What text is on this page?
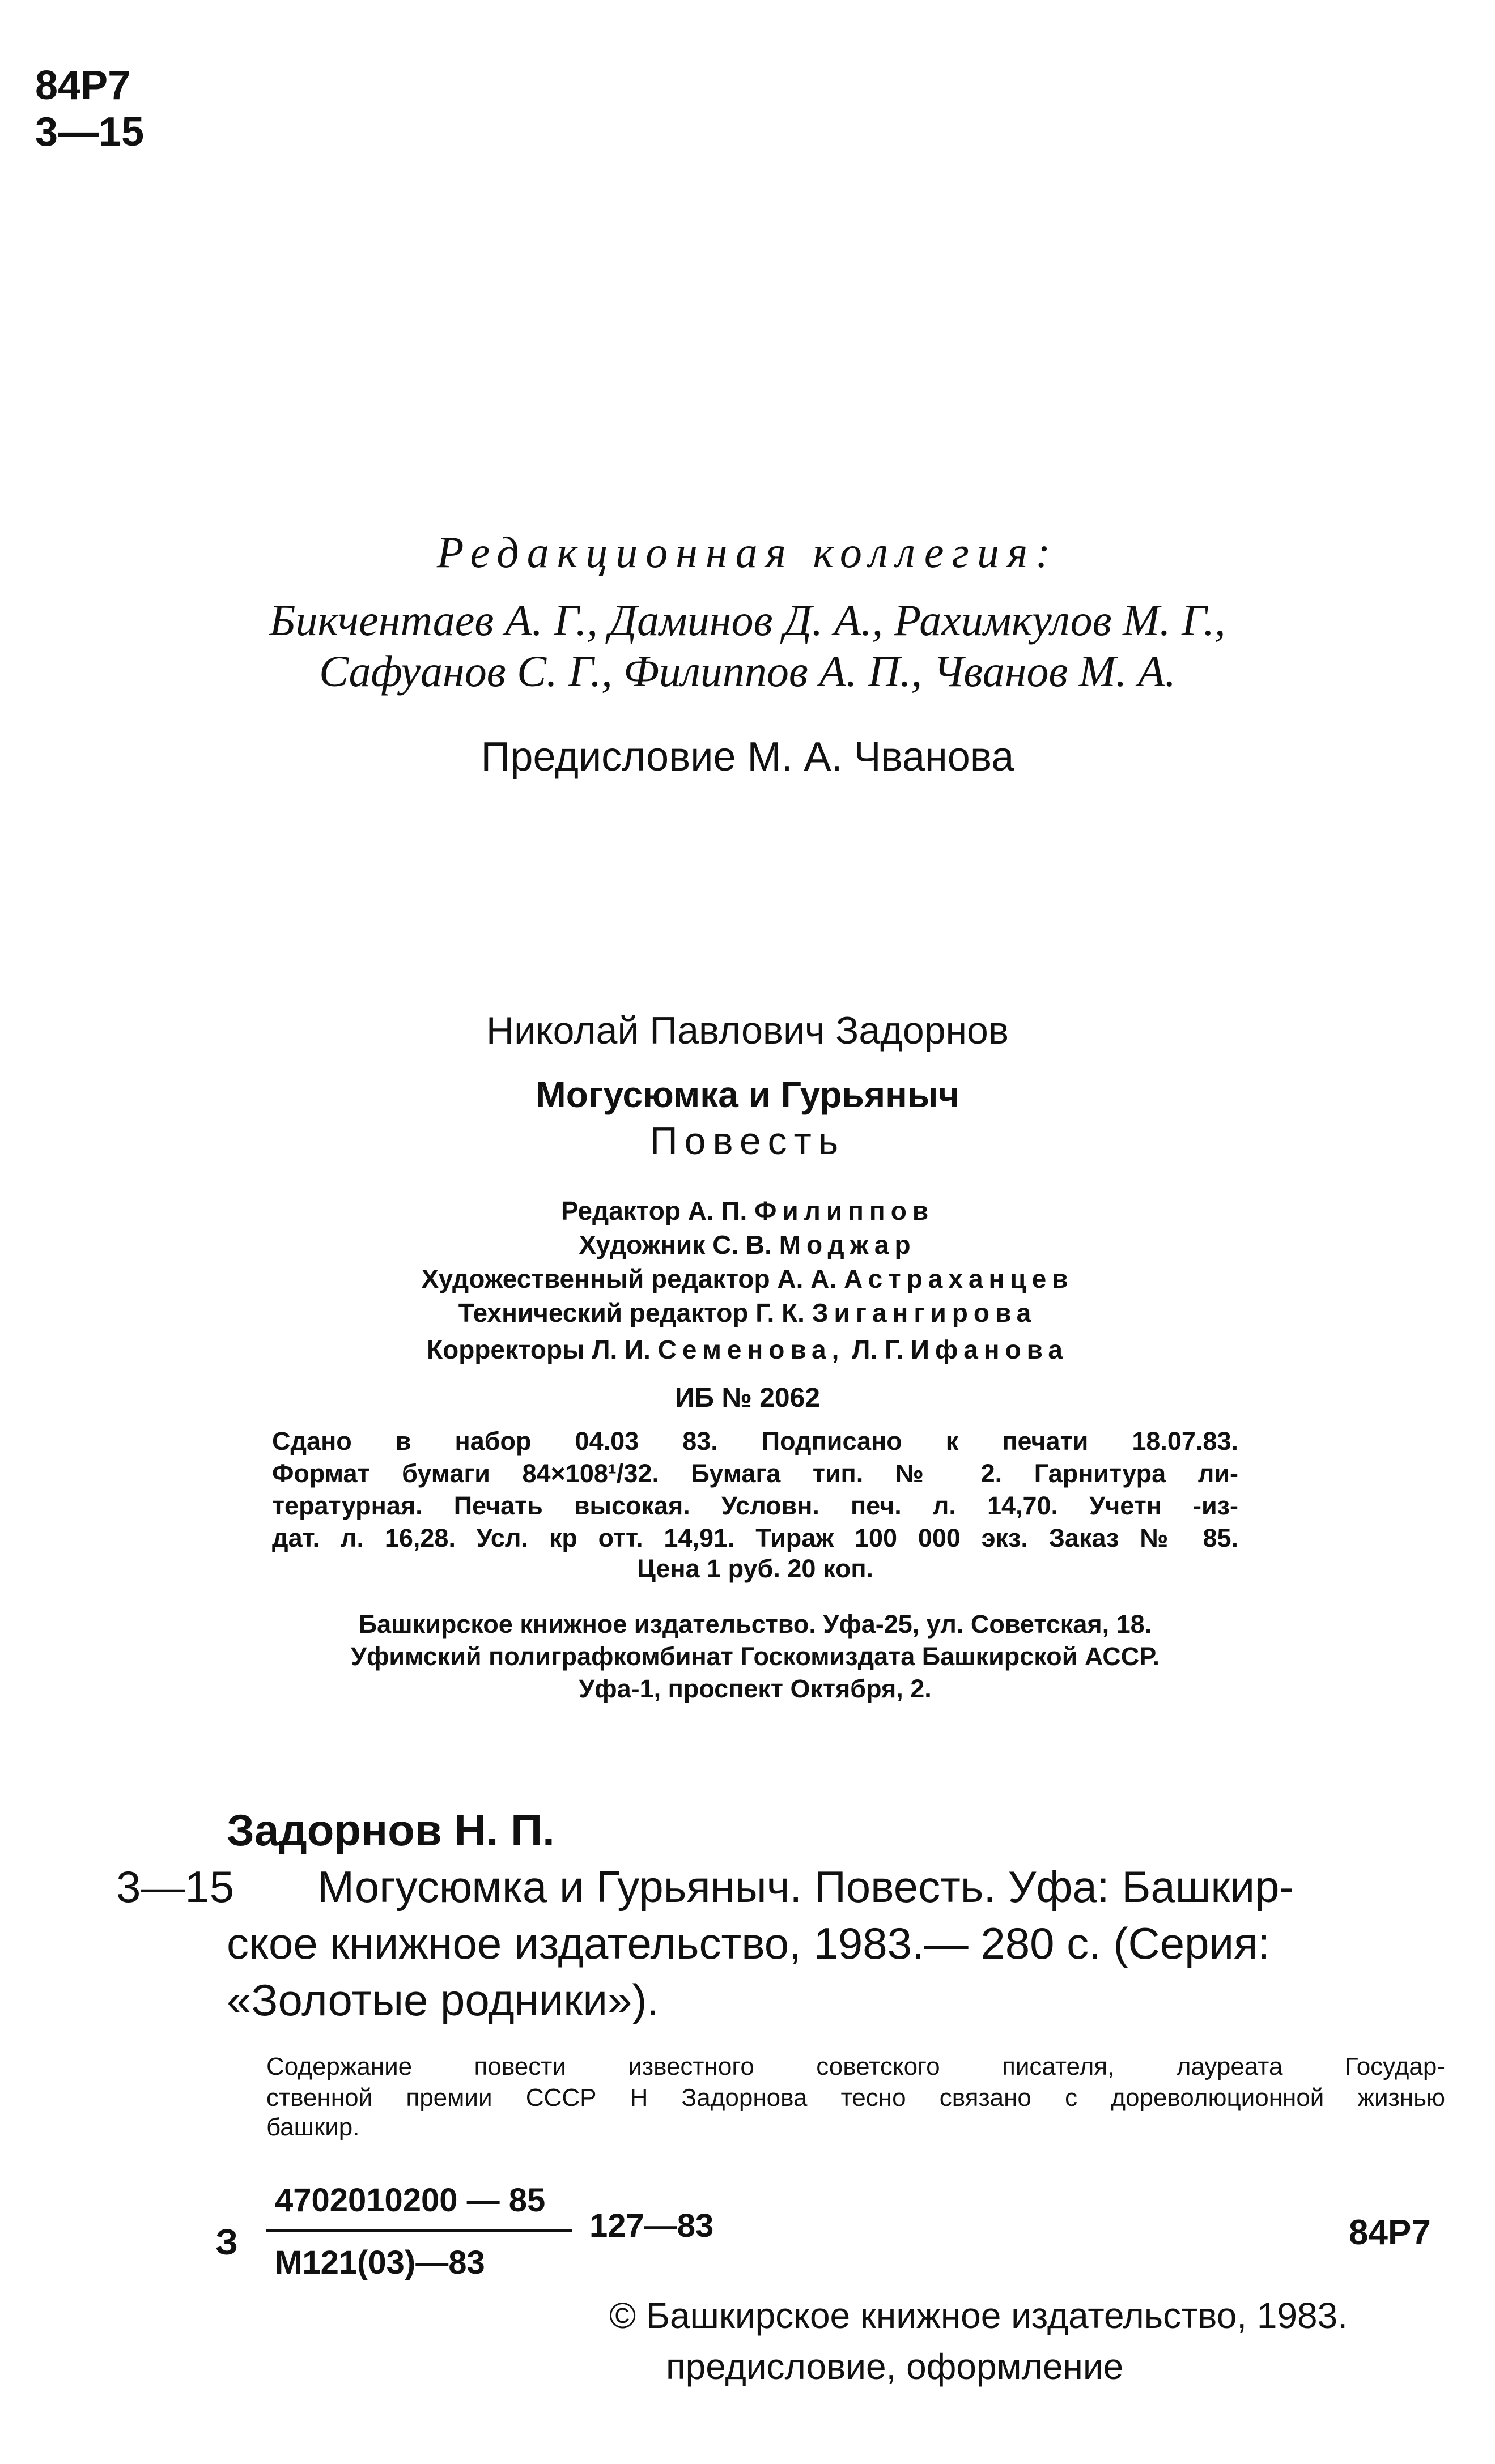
84Р7
3—15
Редакционная коллегия:
Бикчентаев А. Г., Даминов Д. А., Рахимкулов М. Г.,
Сафуанов С. Г., Филиппов А. П., Чванов М. А.
Предисловие М. А. Чванова
Николай Павлович Задорнов
Могусюмка и Гурьяныч
Повесть
Редактор А. П. Филиппов
Художник С. В. Моджар
Художественный редактор А. А. Астраханцев
Технический редактор Г. К. Зигангирова
Корректоры Л. И. Семенова, Л. Г. Ифанова
ИБ № 2062
Сдано в набор 04.03 83. Подписано к печати 18.07.83.
Формат бумаги 84×108¹/32. Бумага тип. № 2. Гарнитура ли-
тературная. Печать высокая. Условн. печ. л. 14,70. Учетн -из-
дат. л. 16,28. Усл. кр отт. 14,91. Тираж 100 000 экз. Заказ № 85.
Цена 1 руб. 20 коп.
Башкирское книжное издательство. Уфа-25, ул. Советская, 18.
Уфимский полиграфкомбинат Госкомиздата Башкирской АССР.
Уфа-1, проспект Октября, 2.
Задорнов Н. П.
3—15 Могусюмка и Гурьяныч. Повесть. Уфа: Башкир-
ское книжное издательство, 1983.— 280 с. (Серия:
«Золотые родники»).
Содержание повести известного советского писателя, лауреата Государ-
ственной премии СССР Н Задорнова тесно связано с дореволюционной жизнью
башкир.
З
4702010200 — 85
М121(03)—83
127—83	84Р7
© Башкирское книжное издательство, 1983.
предисловие, оформление
